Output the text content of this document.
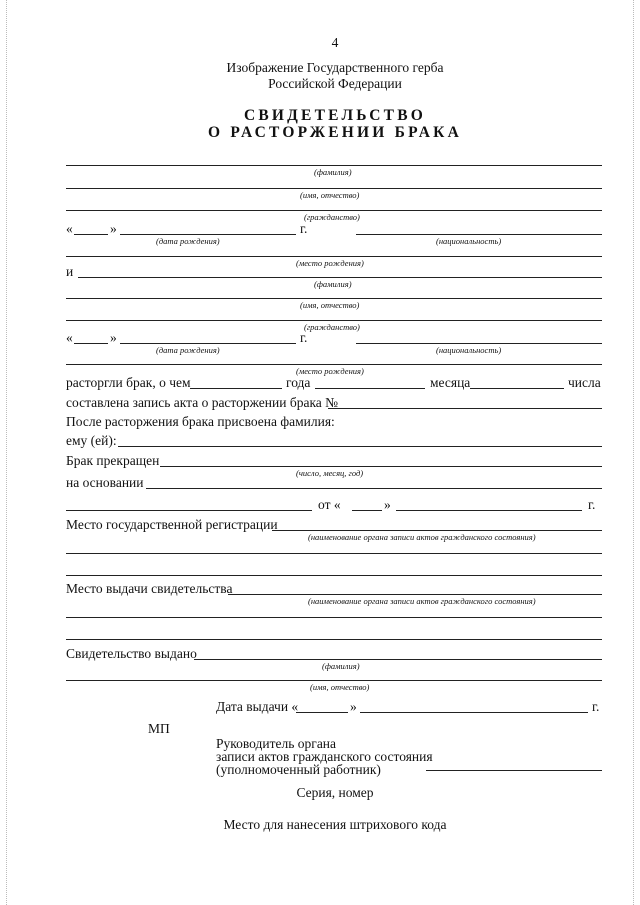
4
Изображение Государственного герба
Российской Федерации
СВИДЕТЕЛЬСТВО
О РАСТОРЖЕНИИ БРАКА
(фамилия)
(имя, отчество)
(гражданство)
«	»	г.
(дата рождения)	(национальность)
(место рождения)
и
(фамилия)
(имя, отчество)
(гражданство)
«	»	г.
(дата рождения)	(национальность)
(место рождения)
расторгли брак, о чем	года	месяца	числа
составлена запись акта о расторжении брака №
После расторжения брака присвоена фамилия:
ему (ей):
Брак прекращен
(число, месяц, год)
на основании
от «	»	г.
Место государственной регистрации
(наименование органа записи актов гражданского состояния)
Место выдачи свидетельства
(наименование органа записи актов гражданского состояния)
Свидетельство выдано
(фамилия)
(имя, отчество)
Дата выдачи «	»	г.
МП
Руководитель органа
записи актов гражданского состояния
(уполномоченный работник)
Серия, номер
Место для нанесения штрихового кода
